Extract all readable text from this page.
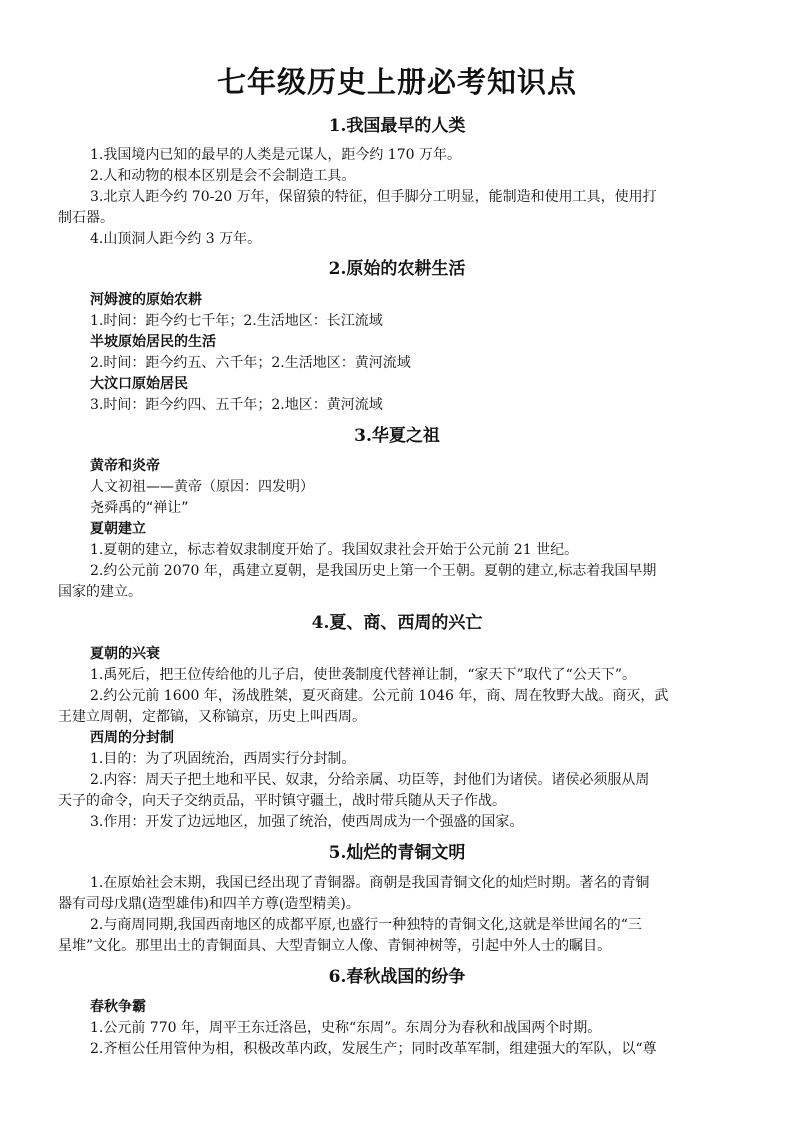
七年级历史上册必考知识点
1.我国最早的人类
1.我国境内已知的最早的人类是元谋人，距今约 170 万年。
2.人和动物的根本区别是会不会制造工具。
3.北京人距今约 70-20 万年，保留猿的特征，但手脚分工明显，能制造和使用工具，使用打
制石器。
4.山顶洞人距今约 3 万年。
2.原始的农耕生活
河姆渡的原始农耕
1.时间：距今约七千年；2.生活地区：长江流域
半坡原始居民的生活
2.时间：距今约五、六千年；2.生活地区：黄河流域
大汶口原始居民
3.时间：距今约四、五千年；2.地区：黄河流域
3.华夏之祖
黄帝和炎帝
人文初祖——黄帝（原因：四发明）
尧舜禹的“禅让”
夏朝建立
1.夏朝的建立，标志着奴隶制度开始了。我国奴隶社会开始于公元前 21 世纪。
2.约公元前 2070 年，禹建立夏朝，是我国历史上第一个王朝。夏朝的建立,标志着我国早期
国家的建立。
4.夏、商、西周的兴亡
夏朝的兴衰
1.禹死后，把王位传给他的儿子启，使世袭制度代替禅让制，“家天下”取代了“公天下”。
2.约公元前 1600 年，汤战胜桀，夏灭商建。公元前 1046 年，商、周在牧野大战。商灭，武
王建立周朝，定都镐，又称镐京，历史上叫西周。
西周的分封制
1.目的：为了巩固统治，西周实行分封制。
2.内容：周天子把土地和平民、奴隶，分给亲属、功臣等，封他们为诸侯。诸侯必须服从周
天子的命令，向天子交纳贡品，平时镇守疆土，战时带兵随从天子作战。
3.作用：开发了边远地区，加强了统治，使西周成为一个强盛的国家。
5.灿烂的青铜文明
1.在原始社会末期，我国已经出现了青铜器。商朝是我国青铜文化的灿烂时期。著名的青铜
器有司母戊鼎(造型雄伟)和四羊方尊(造型精美)。
2.与商周同期,我国西南地区的成都平原,也盛行一种独特的青铜文化,这就是举世闻名的“三
星堆”文化。那里出土的青铜面具、大型青铜立人像、青铜神树等，引起中外人士的瞩目。
6.春秋战国的纷争
春秋争霸
1.公元前 770 年，周平王东迁洛邑，史称“东周”。东周分为春秋和战国两个时期。
2.齐桓公任用管仲为相，积极改革内政，发展生产；同时改革军制，组建强大的军队，以“尊
